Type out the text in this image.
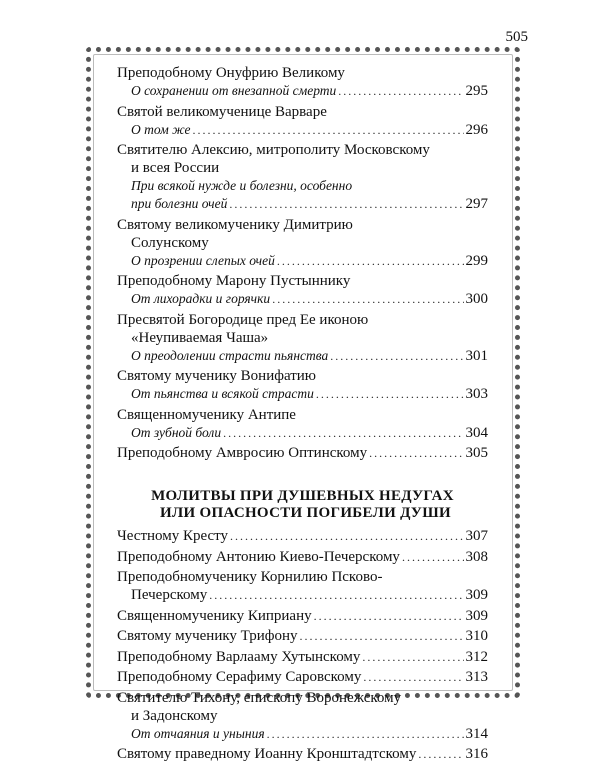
505
Преподобному Онуфрию Великому
О сохранении от внезапной смерти .....	295
Святой великомученице Варваре
О том же .....	296
Святителю Алексию, митрополиту Московскому
и всея России
При всякой нужде и болезни, особенно
при болезни очей .....	297
Святому великомученику Димитрию
Солунскому
О прозрении слепых очей .....	299
Преподобному Марону Пустыннику
От лихорадки и горячки .....	300
Пресвятой Богородице пред Ее иконою
«Неупиваемая Чаша»
О преодолении страсти пьянства .....	301
Святому мученику Вонифатию
От пьянства и всякой страсти .....	303
Священномученику Антипе
От зубной боли .....	304
Преподобному Амвросию Оптинскому .....	305
МОЛИТВЫ ПРИ ДУШЕВНЫХ НЕДУГАХ
ИЛИ ОПАСНОСТИ ПОГИБЕЛИ ДУШИ
Честному Кресту .....	307
Преподобному Антонию Киево-Печерскому .....	308
Преподобномученику Корнилию Псково-
Печерскому .....	309
Священномученику Киприану .....	309
Святому мученику Трифону .....	310
Преподобному Варлааму Хутынскому .....	312
Преподобному Серафиму Саровскому .....	313
Святителю Тихону, епископу Воронежскому
и Задонскому
От отчаяния и уныния .....	314
Святому праведному Иоанну Кронштадтскому .....	316
